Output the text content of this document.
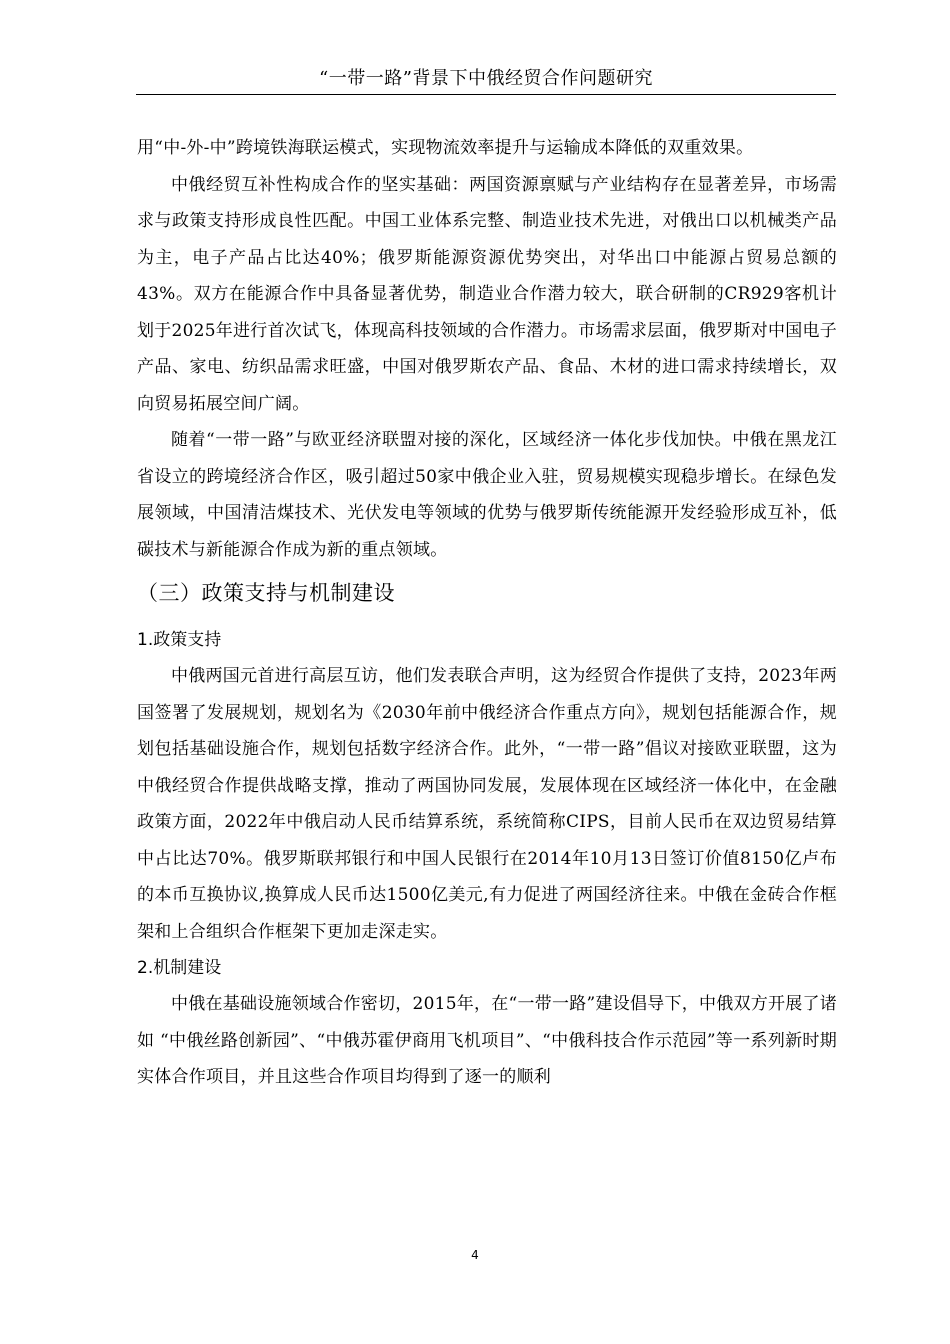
“一带一路”背景下中俄经贸合作问题研究

用“中-外-中”跨境铁海联运模式，实现物流效率提升与运输成本降低的双重效果。

中俄经贸互补性构成合作的坚实基础：两国资源禀赋与产业结构存在显著差异，市场需求与政策支持形成良性匹配。中国工业体系完整、制造业技术先进，对俄出口以机械类产品为主，电子产品占比达40%；俄罗斯能源资源优势突出，对华出口中能源占贸易总额的43%。双方在能源合作中具备显著优势，制造业合作潜力较大，联合研制的CR929客机计划于2025年进行首次试飞，体现高科技领域的合作潜力。市场需求层面，俄罗斯对中国电子产品、家电、纺织品需求旺盛，中国对俄罗斯农产品、食品、木材的进口需求持续增长，双向贸易拓展空间广阔。

随着“一带一路”与欧亚经济联盟对接的深化，区域经济一体化步伐加快。中俄在黑龙江省设立的跨境经济合作区，吸引超过50家中俄企业入驻，贸易规模实现稳步增长。在绿色发展领域，中国清洁煤技术、光伏发电等领域的优势与俄罗斯传统能源开发经验形成互补，低碳技术与新能源合作成为新的重点领域。

（三）政策支持与机制建设
1.政策支持

中俄两国元首进行高层互访，他们发表联合声明，这为经贸合作提供了支持，2023年两国签署了发展规划，规划名为《2030年前中俄经济合作重点方向》，规划包括能源合作，规划包括基础设施合作，规划包括数字经济合作。此外，“一带一路”倡议对接欧亚联盟，这为中俄经贸合作提供战略支撑，推动了两国协同发展，发展体现在区域经济一体化中，在金融政策方面，2022年中俄启动人民币结算系统，系统简称CIPS，目前人民币在双边贸易结算中占比达70%。俄罗斯联邦银行和中国人民银行在2014年10月13日签订价值8150亿卢布的本币互换协议,换算成人民币达1500亿美元,有力促进了两国经济往来。中俄在金砖合作框架和上合组织合作框架下更加走深走实。

2.机制建设

中俄在基础设施领域合作密切，2015年，在“一带一路”建设倡导下，中俄双方开展了诸如 “中俄丝路创新园”、“中俄苏霍伊商用飞机项目”、“中俄科技合作示范园”等一系列新时期实体合作项目，并且这些合作项目均得到了逐一的顺利

4
